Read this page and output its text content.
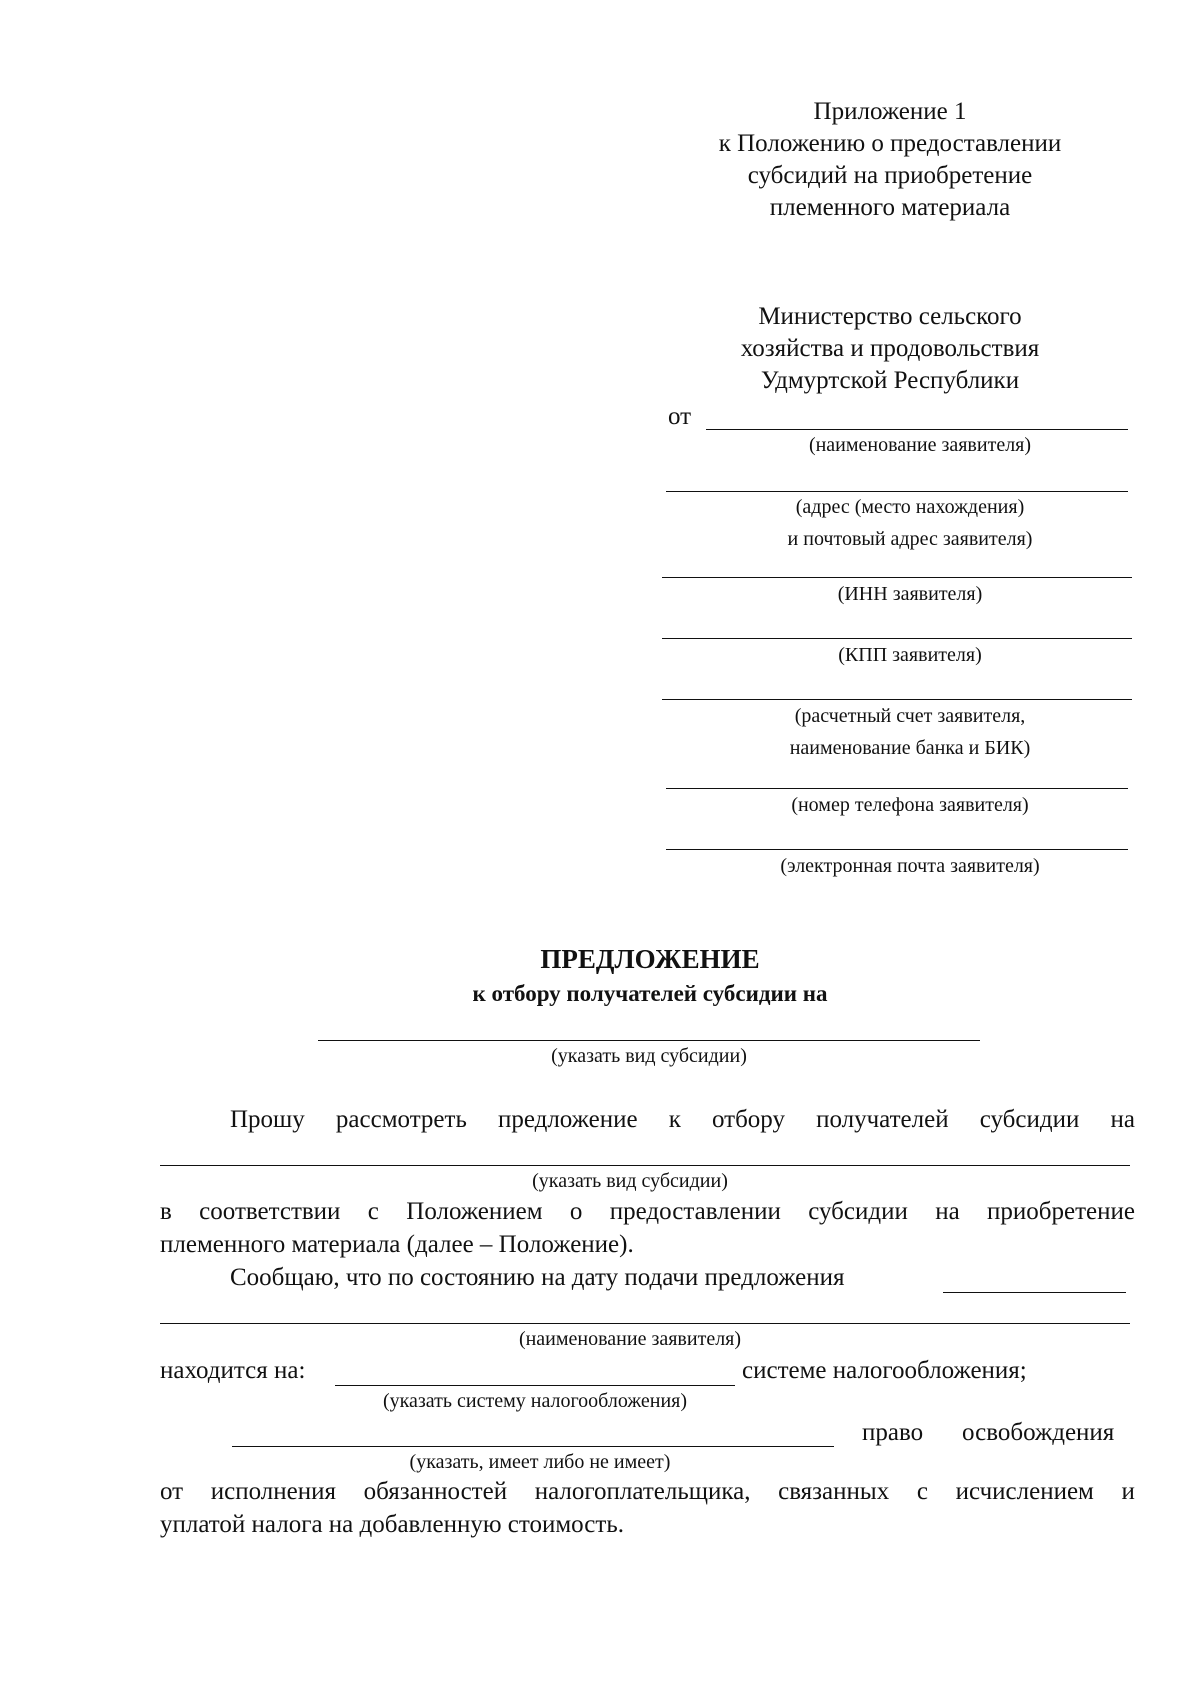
Приложение 1
к Положению о предоставлении
субсидий на приобретение
племенного материала
Министерство сельского
хозяйства и продовольствия
Удмуртской Республики
от
(наименование заявителя)
(адрес (место нахождения)
и почтовый адрес заявителя)
(ИНН заявителя)
(КПП заявителя)
(расчетный счет заявителя,
наименование банка и БИК)
(номер телефона заявителя)
(электронная почта заявителя)
ПРЕДЛОЖЕНИЕ
к отбору получателей субсидии на
(указать вид субсидии)
Прошу рассмотреть предложение к отбору получателей субсидии на
(указать вид субсидии)
в соответствии с Положением о предоставлении субсидии на приобретение
племенного материала (далее – Положение).
Сообщаю, что по состоянию на дату подачи предложения
(наименование заявителя)
находится на:	системе налогообложения;
(указать систему налогообложения)
право освобождения
(указать, имеет либо не имеет)
от исполнения обязанностей налогоплательщика, связанных с исчислением и
уплатой налога на добавленную стоимость.
